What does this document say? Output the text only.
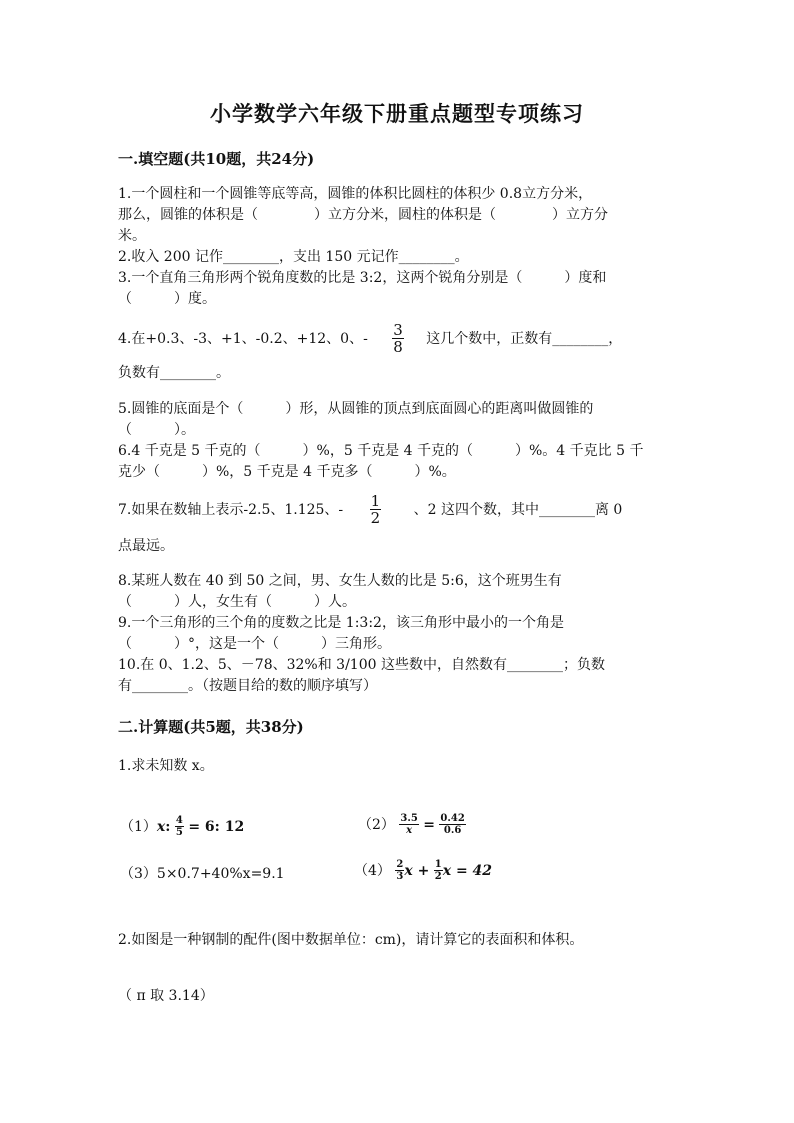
小学数学六年级下册重点题型专项练习
一.填空题(共10题，共24分)
1.一个圆柱和一个圆锥等底等高，圆锥的体积比圆柱的体积少 0.8立方分米，
那么，圆锥的体积是（　　　　）立方分米，圆柱的体积是（　　　　）立方分
米。
2.收入 200 记作________，支出 150 元记作________。
3.一个直角三角形两个锐角度数的比是 3:2，这两个锐角分别是（　　　）度和
（　　　）度。
4.在+0.3、-3、+1、-0.2、+12、0、- $\frac{3}{8}$ 这几个数中，正数有________，
负数有________。
5.圆锥的底面是个（　　　）形，从圆锥的顶点到底面圆心的距离叫做圆锥的
（　　　）。
6.4 千克是 5 千克的（　　　）%，5 千克是 4 千克的（　　　）%。4 千克比 5 千
克少（　　　）%，5 千克是 4 千克多（　　　）%。
7.如果在数轴上表示-2.5、1.125、- $\frac{1}{2}$ 、2 这四个数，其中________离 0
点最远。
8.某班人数在 40 到 50 之间，男、女生人数的比是 5:6，这个班男生有
（　　　）人，女生有（　　　）人。
9.一个三角形的三个角的度数之比是 1:3:2，该三角形中最小的一个角是
（　　　）°，这是一个（　　　）三角形。
10.在 0、1.2、5、－78、32%和 3/100 这些数中，自然数有________；负数
有________。（按题目给的数的顺序填写）
二.计算题(共5题，共38分)
1.求未知数 x。
（1）x: $\frac{4}{5} = 6$: 12	$(2) \frac{3.5}{x} = \frac{0.42}{0.6}$
（3）5×0.7+40%x=9.1	$(4) \frac{2}{3}$ $x + \frac{1}{2}$ x = 42
2.如图是一种钢制的配件(图中数据单位：cm)，请计算它的表面积和体积。
（ π 取 3.14）
